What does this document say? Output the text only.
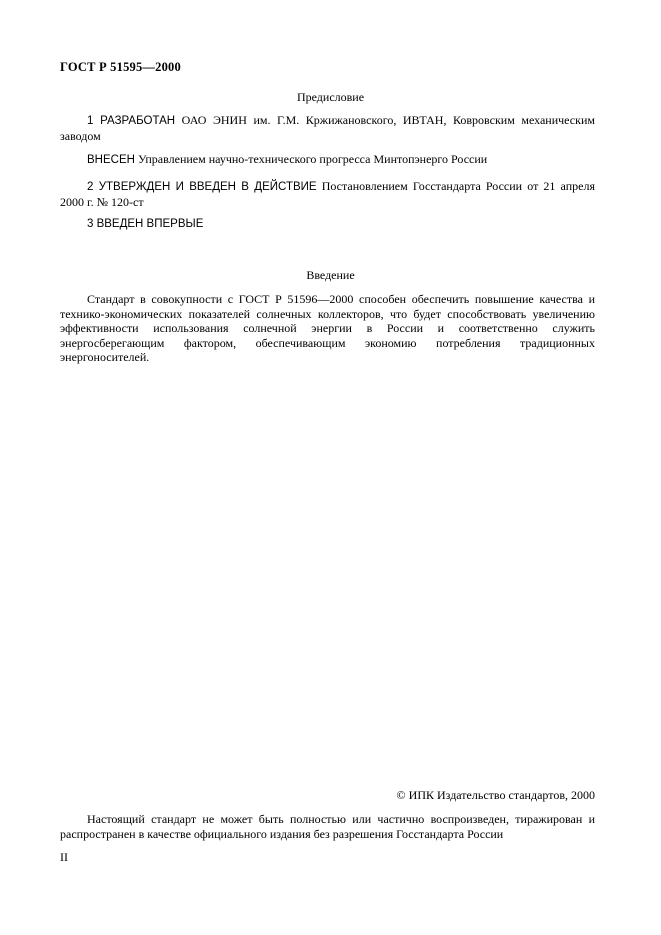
ГОСТ Р 51595—2000

Предисловие

1 РАЗРАБОТАН ОАО ЭНИН им. Г.М. Кржижановского, ИВТАН, Ковровским механическим заводом

ВНЕСЕН Управлением научно-технического прогресса Минтопэнерго России

2 УТВЕРЖДЕН И ВВЕДЕН В ДЕЙСТВИЕ Постановлением Госстандарта России от 21 апреля 2000 г. № 120-ст

3 ВВЕДЕН ВПЕРВЫЕ

Введение

Стандарт в совокупности с ГОСТ Р 51596—2000 способен обеспечить повышение качества и технико-экономических показателей солнечных коллекторов, что будет способствовать увеличению эффективности использования солнечной энергии в России и соответственно служить энергосберегающим фактором, обеспечивающим экономию потребления традиционных энергоносителей.

© ИПК Издательство стандартов, 2000

Настоящий стандарт не может быть полностью или частично воспроизведен, тиражирован и распространен в качестве официального издания без разрешения Госстандарта России

II
